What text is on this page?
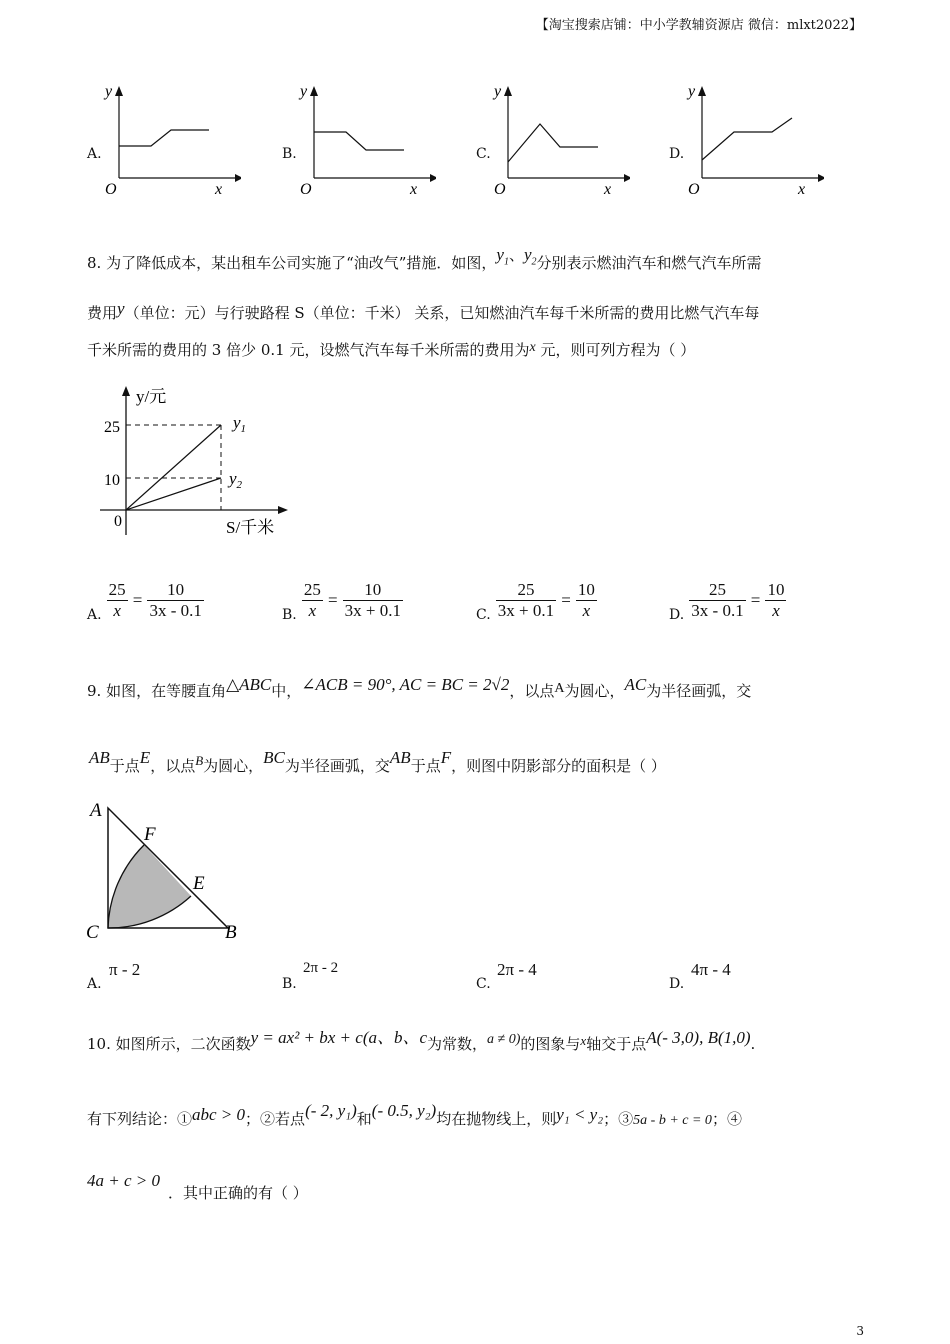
【淘宝搜索店铺：中小学教辅资源店 微信：mlxt2022】
A.
y
O	x
B.
y
O	x
C.
y
O	x
D.
y
O	x
8. 为了降低成本，某出租车公司实施了“油改气”措施．如图，$y_1$、$y_2$分别表示燃油汽车和燃气汽车所需
费用y（单位：元）与行驶路程 S（单位：千米） 关系，已知燃油汽车每千米所需的费用比燃气汽车每
千米所需的费用的 3 倍少 0.1 元，设燃气汽车每千米所需的费用为x 元，则可列方程为（ ）
y/元
25
10
0	S/千米
$y_1$
$y_2$
A. $\frac{25}{x} = \frac{10}{3x - 0.1}$	B. $\frac{25}{x} = \frac{10}{3x + 0.1}$	C. $\frac{25}{3x + 0.1} = \frac{10}{x}$	D. $\frac{25}{3x - 0.1} = \frac{10}{x}$
9. 如图，在等腰直角△ABC中，∠ACB = 90°, AC = BC = 2√2，以点A为圆心，AC为半径画弧，交
AB于点E，以点B为圆心，BC为半径画弧，交AB于点F，则图中阴影部分的面积是（ ）
A
F
E
C	B
A.
π - 2
B.
2π - 2
C.
2π - 4
D.
4π - 4
10. 如图所示，二次函数y = ax² + bx + c(a、b、c为常数，a ≠ 0)的图象与x轴交于点A(- 3,0), B(1,0).
有下列结论：①abc > 0；②若点(- 2, y₁)和(- 0.5, y₂)均在抛物线上，则y₁ < y₂；③5a - b + c = 0；④
4a + c > 0
．其中正确的有（ ）
3
